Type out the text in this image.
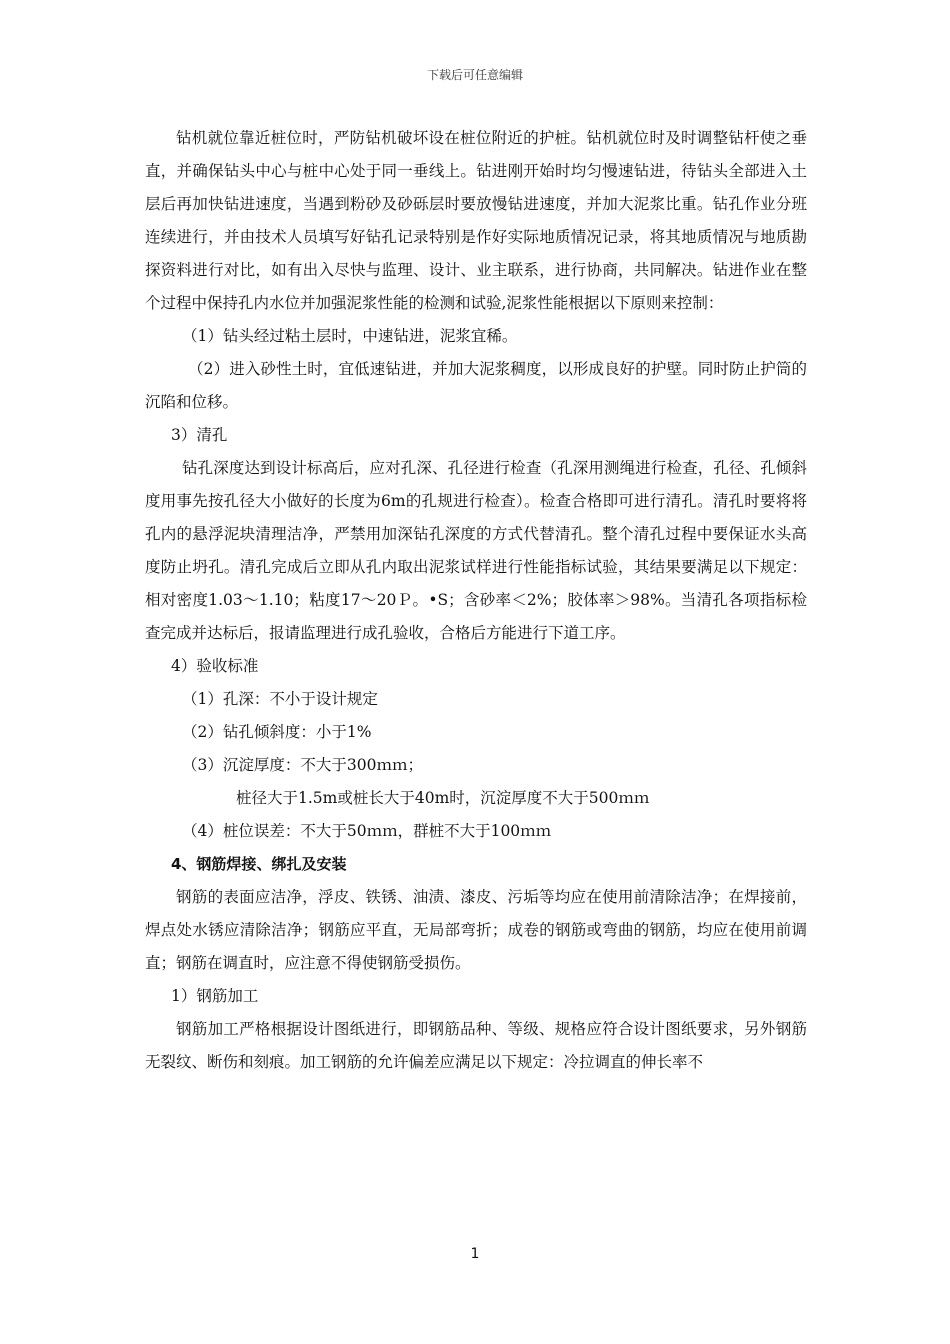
下载后可任意编辑

钻机就位靠近桩位时，严防钻机破坏设在桩位附近的护桩。钻机就位时及时调整钻杆使之垂直，并确保钻头中心与桩中心处于同一垂线上。钻进刚开始时均匀慢速钻进，待钻头全部进入土层后再加快钻进速度，当遇到粉砂及砂砾层时要放慢钻进速度，并加大泥浆比重。钻孔作业分班连续进行，并由技术人员填写好钻孔记录特别是作好实际地质情况记录，将其地质情况与地质勘探资料进行对比，如有出入尽快与监理、设计、业主联系，进行协商，共同解决。钻进作业在整个过程中保持孔内水位并加强泥浆性能的检测和试验,泥浆性能根据以下原则来控制：

（1）钻头经过粘土层时，中速钻进，泥浆宜稀。

（2）进入砂性土时，宜低速钻进，并加大泥浆稠度，以形成良好的护壁。同时防止护筒的沉陷和位移。

3）清孔

钻孔深度达到设计标高后，应对孔深、孔径进行检查（孔深用测绳进行检查，孔径、孔倾斜度用事先按孔径大小做好的长度为6m的孔规进行检查）。检查合格即可进行清孔。清孔时要将将孔内的悬浮泥块清理洁净，严禁用加深钻孔深度的方式代替清孔。整个清孔过程中要保证水头高度防止坍孔。清孔完成后立即从孔内取出泥浆试样进行性能指标试验，其结果要满足以下规定：相对密度1.03～1.10；粘度17～20Ｐ。•S；含砂率＜2%；胶体率＞98%。当清孔各项指标检查完成并达标后，报请监理进行成孔验收，合格后方能进行下道工序。

4）验收标准

（1）孔深：不小于设计规定

（2）钻孔倾斜度：小于1%

（3）沉淀厚度：不大于300ｍｍ；

桩径大于1.5m或桩长大于40m时，沉淀厚度不大于500ｍｍ

（4）桩位误差：不大于50ｍｍ，群桩不大于100ｍｍ

4、钢筋焊接、绑扎及安装

钢筋的表面应洁净，浮皮、铁锈、油渍、漆皮、污垢等均应在使用前清除洁净；在焊接前，焊点处水锈应清除洁净；钢筋应平直，无局部弯折；成卷的钢筋或弯曲的钢筋，均应在使用前调直；钢筋在调直时，应注意不得使钢筋受损伤。

1）钢筋加工

钢筋加工严格根据设计图纸进行，即钢筋品种、等级、规格应符合设计图纸要求，另外钢筋无裂纹、断伤和刻痕。加工钢筋的允许偏差应满足以下规定：冷拉调直的伸长率不

1
